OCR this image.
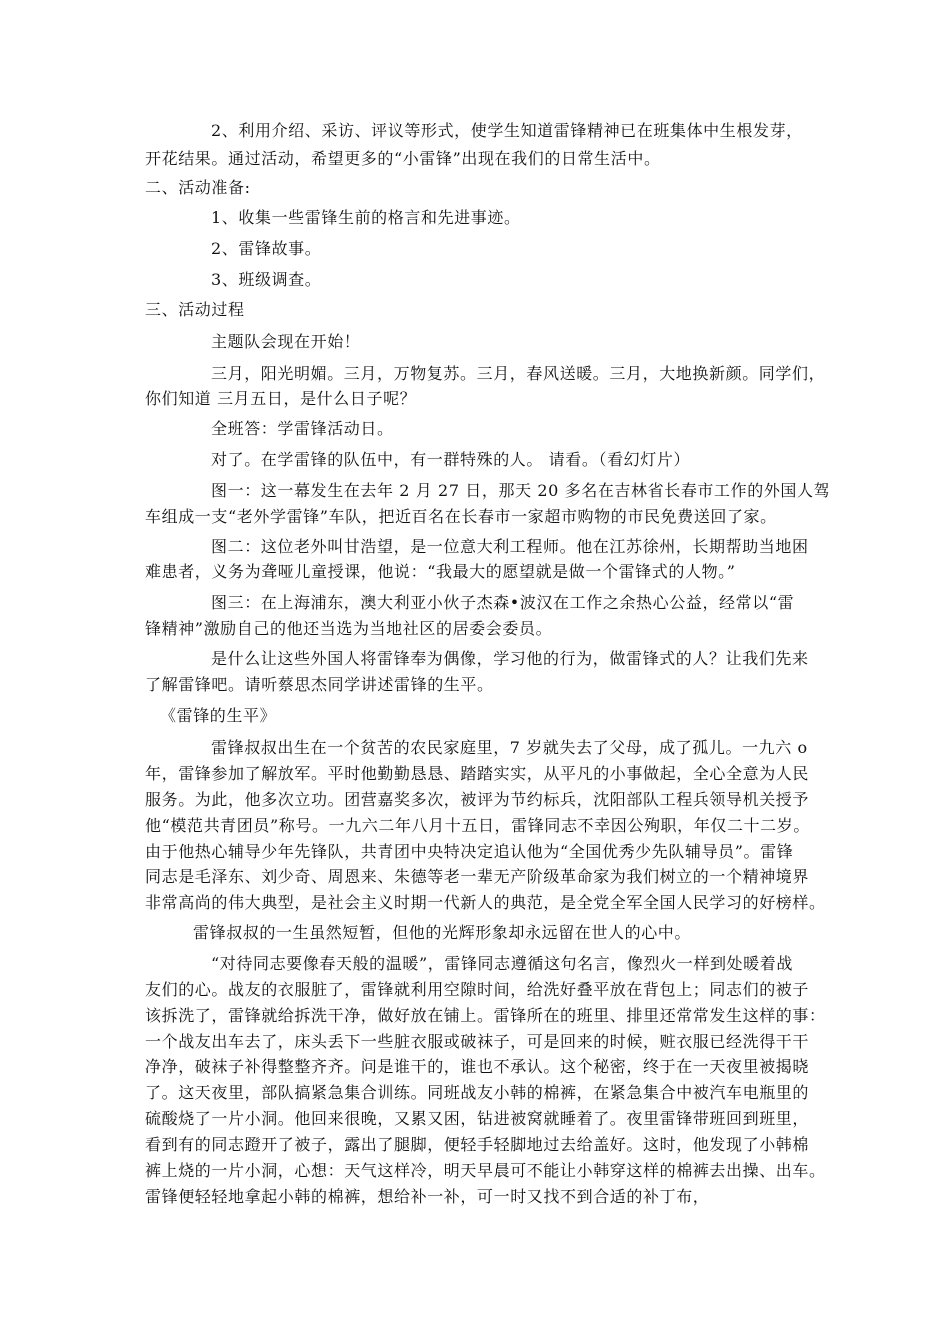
2、利用介绍、采访、评议等形式，使学生知道雷锋精神已在班集体中生根发芽，
开花结果。通过活动，希望更多的“小雷锋”出现在我们的日常生活中。
二、活动准备:
1、收集一些雷锋生前的格言和先进事迹。
2、雷锋故事。
3、班级调查。
三、活动过程
主题队会现在开始！
三月，阳光明媚。三月，万物复苏。三月，春风送暖。三月，大地换新颜。同学们，
你们知道 三月五日，是什么日子呢？
全班答：学雷锋活动日。
对了。在学雷锋的队伍中，有一群特殊的人。 请看。（看幻灯片）
图一：这一幕发生在去年 2 月 27 日，那天 20 多名在吉林省长春市工作的外国人驾
车组成一支“老外学雷锋”车队，把近百名在长春市一家超市购物的市民免费送回了家。
图二：这位老外叫甘浩望，是一位意大利工程师。他在江苏徐州，长期帮助当地困
难患者，义务为聋哑儿童授课，他说：“我最大的愿望就是做一个雷锋式的人物。”
图三：在上海浦东，澳大利亚小伙子杰森•波汉在工作之余热心公益，经常以“雷
锋精神”激励自己的他还当选为当地社区的居委会委员。
是什么让这些外国人将雷锋奉为偶像，学习他的行为，做雷锋式的人？让我们先来
了解雷锋吧。请听蔡思杰同学讲述雷锋的生平。
《雷锋的生平》
雷锋叔叔出生在一个贫苦的农民家庭里，7 岁就失去了父母，成了孤儿。一九六 o
年，雷锋参加了解放军。平时他勤勤恳恳、踏踏实实，从平凡的小事做起，全心全意为人民
服务。为此，他多次立功。团营嘉奖多次，被评为节约标兵，沈阳部队工程兵领导机关授予
他“模范共青团员”称号。一九六二年八月十五日，雷锋同志不幸因公殉职，年仅二十二岁。
由于他热心辅导少年先锋队，共青团中央特决定追认他为“全国优秀少先队辅导员”。雷锋
同志是毛泽东、刘少奇、周恩来、朱德等老一辈无产阶级革命家为我们树立的一个精神境界
非常高尚的伟大典型，是社会主义时期一代新人的典范，是全党全军全国人民学习的好榜样。
雷锋叔叔的一生虽然短暂，但他的光辉形象却永远留在世人的心中。
“对待同志要像春天般的温暖”，雷锋同志遵循这句名言，像烈火一样到处暖着战
友们的心。战友的衣服脏了，雷锋就利用空隙时间，给洗好叠平放在背包上；同志们的被子
该拆洗了，雷锋就给拆洗干净，做好放在铺上。雷锋所在的班里、排里还常常发生这样的事：
一个战友出车去了，床头丢下一些脏衣服或破袜子，可是回来的时候，赃衣服已经洗得干干
净净，破袜子补得整整齐齐。问是谁干的，谁也不承认。这个秘密，终于在一天夜里被揭晓
了。这天夜里，部队搞紧急集合训练。同班战友小韩的棉裤，在紧急集合中被汽车电瓶里的
硫酸烧了一片小洞。他回来很晚，又累又困，钻进被窝就睡着了。夜里雷锋带班回到班里，
看到有的同志蹬开了被子，露出了腿脚，便轻手轻脚地过去给盖好。这时，他发现了小韩棉
裤上烧的一片小洞，心想：天气这样冷，明天早晨可不能让小韩穿这样的棉裤去出操、出车。
雷锋便轻轻地拿起小韩的棉裤，想给补一补，可一时又找不到合适的补丁布，
